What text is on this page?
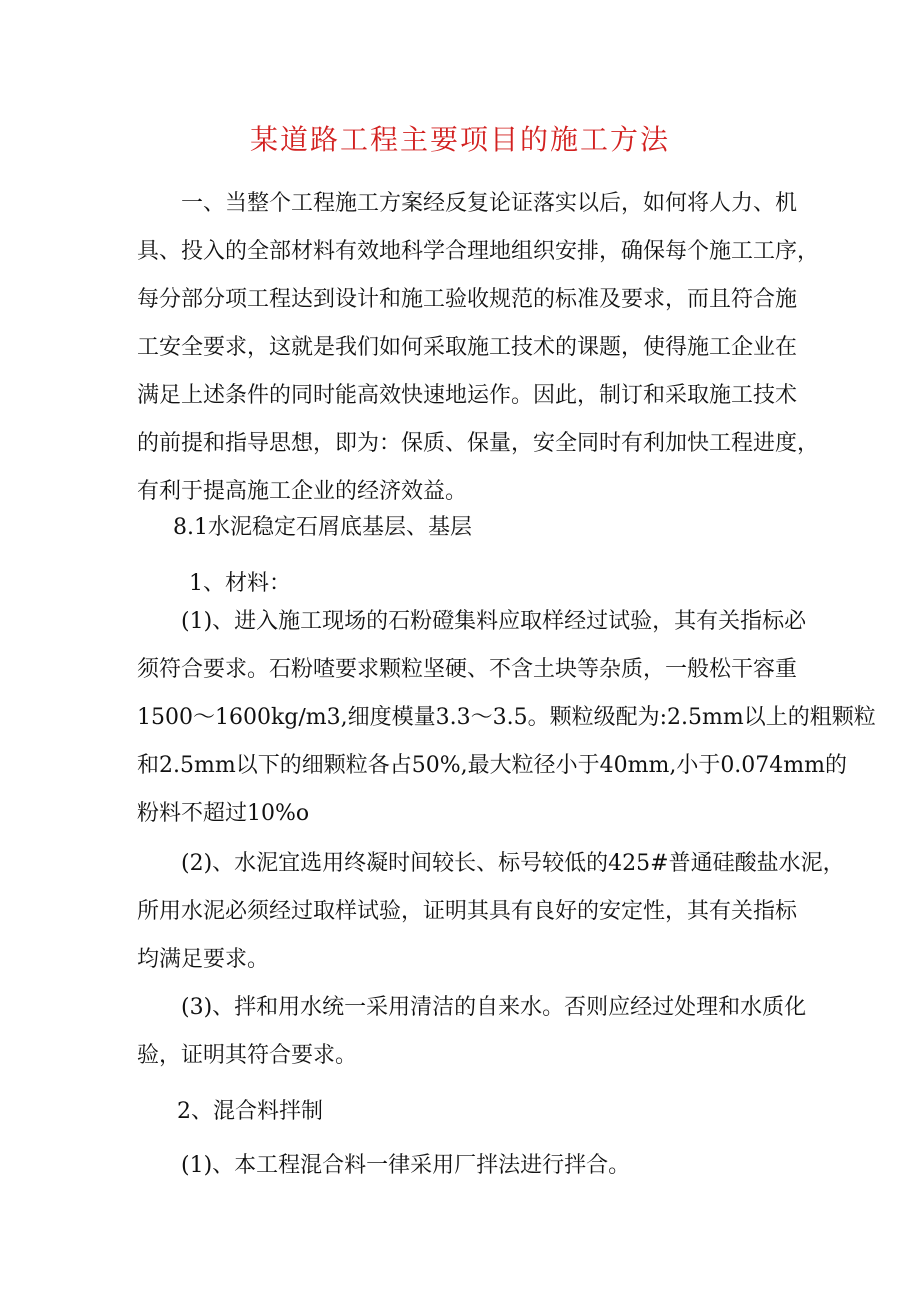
某道路工程主要项目的施工方法
一、当整个工程施工方案经反复论证落实以后，如何将人力、机
具、投入的全部材料有效地科学合理地组织安排，确保每个施工工序，
每分部分项工程达到设计和施工验收规范的标准及要求，而且符合施
工安全要求，这就是我们如何采取施工技术的课题，使得施工企业在
满足上述条件的同时能高效快速地运作。因此，制订和采取施工技术
的前提和指导思想，即为：保质、保量，安全同时有利加快工程进度，
有利于提高施工企业的经济效益。
8.1水泥稳定石屑底基层、基层
1、材料：
(1)、进入施工现场的石粉磴集料应取样经过试验，其有关指标必
须符合要求。石粉喳要求颗粒坚硬、不含土块等杂质，一般松干容重
1500～1600kg∕m3,细度模量3.3～3.5。颗粒级配为:2.5mm以上的粗颗粒
和2.5mm以下的细颗粒各占50%,最大粒径小于40mm,小于0.074mm的
粉料不超过10%o
(2)、水泥宜选用终凝时间较长、标号较低的425#普通硅酸盐水泥，
所用水泥必须经过取样试验，证明其具有良好的安定性，其有关指标
均满足要求。
(3)、拌和用水统一采用清洁的自来水。否则应经过处理和水质化
验，证明其符合要求。
2、混合料拌制
(1)、本工程混合料一律采用厂拌法进行拌合。
